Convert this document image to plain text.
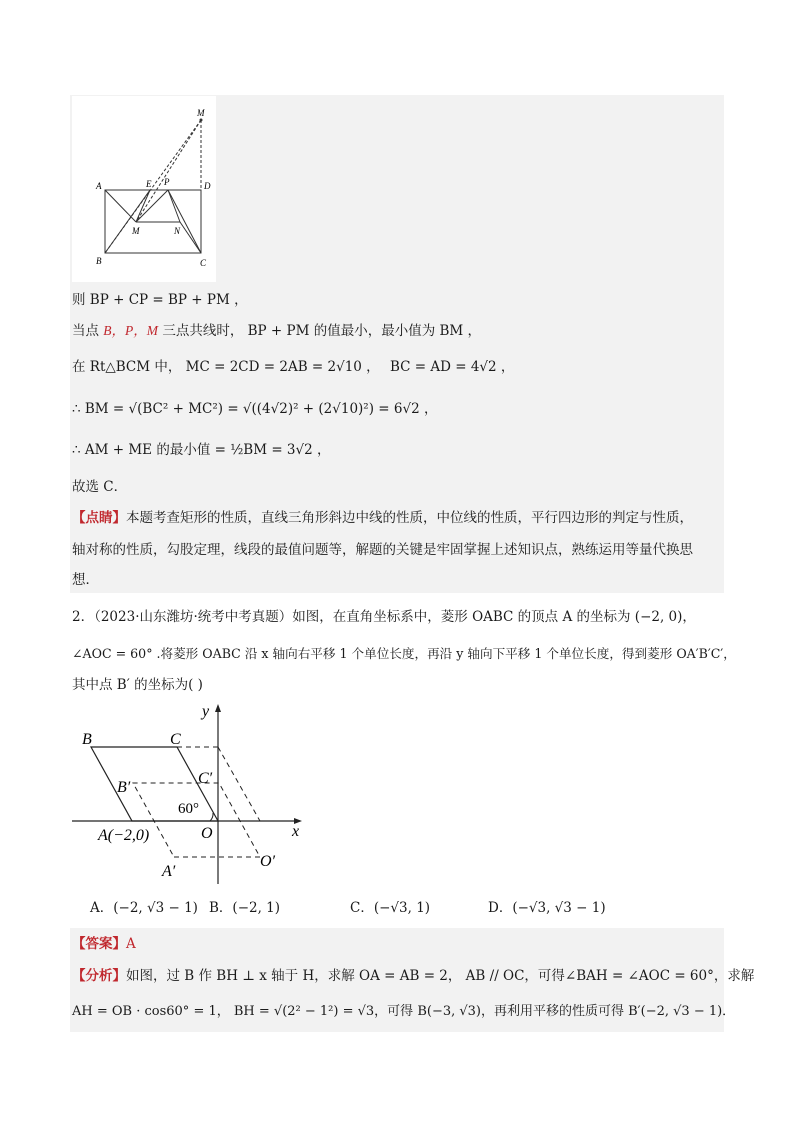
M
A	E P	D
M	N
B	C
则 BP + CP = BP + PM ，
当点 B，P，M 三点共线时， BP + PM 的值最小，最小值为 BM ，
在 Rt△BCM 中， MC = 2CD = 2AB = 2√10 ， BC = AD = 4√2 ，
∴ BM = √(BC² + MC²) = √((4√2)² + (2√10)²) = 6√2 ，
∴ AM + ME 的最小值 = ½BM = 3√2 ，
故选 C．
【点睛】本题考查矩形的性质，直线三角形斜边中线的性质，中位线的性质，平行四边形的判定与性质，
轴对称的性质，勾股定理，线段的最值问题等，解题的关键是牢固掌握上述知识点，熟练运用等量代换思
想．
2．（2023·山东潍坊·统考中考真题）如图，在直角坐标系中，菱形 OABC 的顶点 A 的坐标为 (−2, 0)，
∠AOC = 60° .将菱形 OABC 沿 x 轴向右平移 1 个单位长度，再沿 y 轴向下平移 1 个单位长度，得到菱形 OA′B′C′，
其中点 B′ 的坐标为( )
y
x
B	C
B′
C′
60°
O
A(−2,0)
A′
O′
A．(−2, √3 − 1) B．(−2, 1)	C．(−√3, 1)	D．(−√3, √3 − 1)
【答案】A
【分析】如图，过 B 作 BH ⊥ x 轴于 H，求解 OA = AB = 2， AB // OC，可得∠BAH = ∠AOC = 60°，求解
AH = OB · cos60° = 1， BH = √(2² − 1²) = √3，可得 B(−3, √3)，再利用平移的性质可得 B′(−2, √3 − 1)．
